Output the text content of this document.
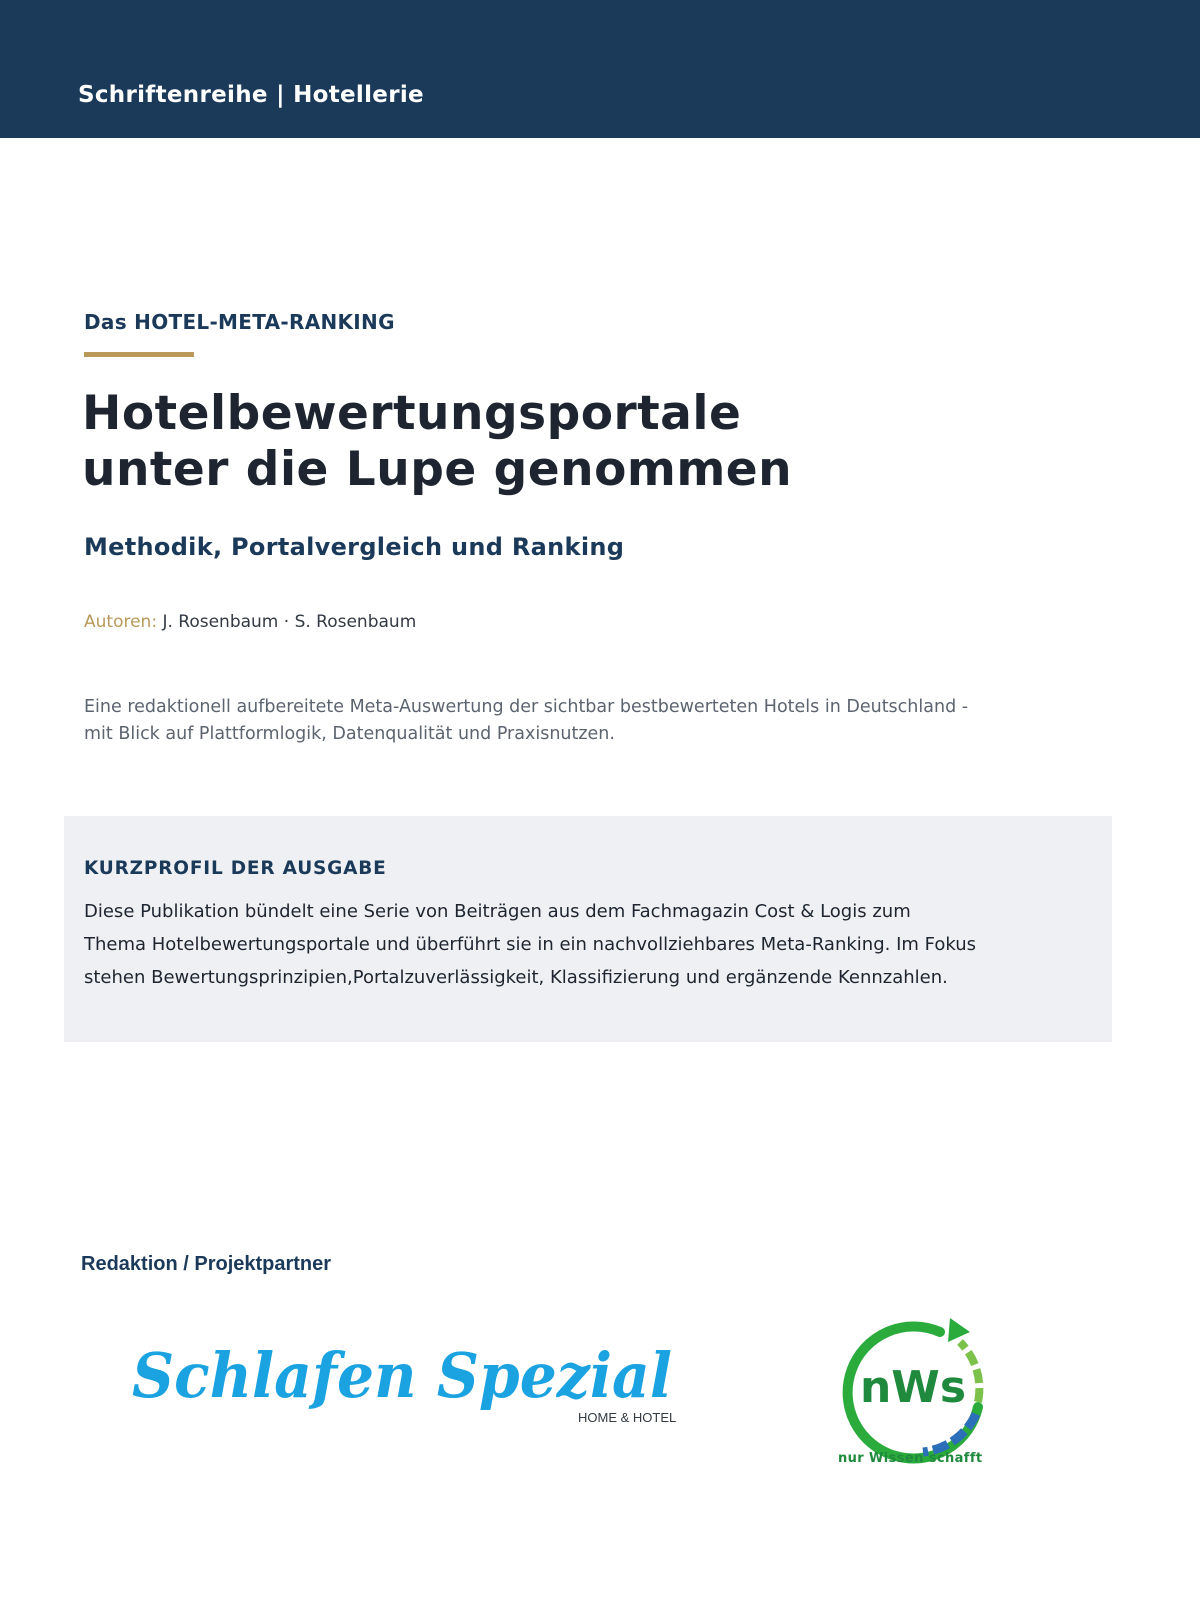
Schriftenreihe | Hotellerie
Das HOTEL-META-RANKING
Hotelbewertungsportale
unter die Lupe genommen
Methodik, Portalvergleich und Ranking
Autoren: J. Rosenbaum · S. Rosenbaum
Eine redaktionell aufbereitete Meta-Auswertung der sichtbar bestbewerteten Hotels in Deutschland -
mit Blick auf Plattformlogik, Datenqualität und Praxisnutzen.
KURZPROFIL DER AUSGABE
Diese Publikation bündelt eine Serie von Beiträgen aus dem Fachmagazin Cost & Logis zum
Thema Hotelbewertungsportale und überführt sie in ein nachvollziehbares Meta-Ranking. Im Fokus
stehen Bewertungsprinzipien,Portalzuverlässigkeit, Klassifizierung und ergänzende Kennzahlen.
Redaktion / Projektpartner
Schlafen Spezial
HOME & HOTEL
nWs
nur Wissen schafft
